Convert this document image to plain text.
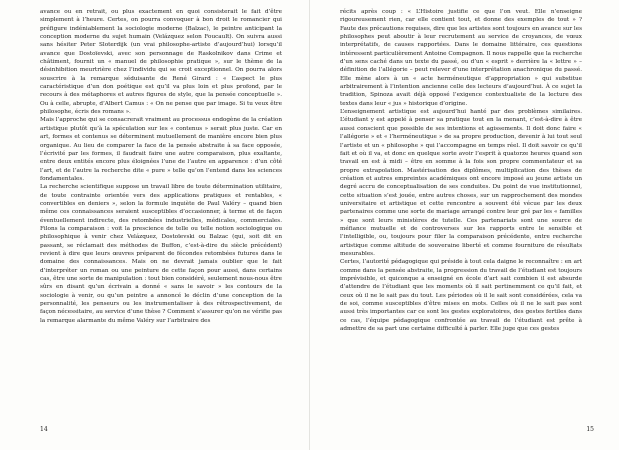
avance ou en retrait, ou plus exactement en quoi consisterait le fait d’être simplement à l’heure. Certes, on pourra convoquer à bon droit le romancier qui préfigure indéniablement la sociologie moderne (Balzac), le peintre anticipant la conception moderne du sujet humain (Velázquez selon Foucault). On suivra aussi sans hésiter Peter Sloterdijk (un vrai philosophe-artiste d’aujourd’hui) lorsqu’il avance que Dostoïevski, avec son personnage de Raskolnikov dans Crime et châtiment, fournit un « manuel de philosophie pratique », sur le thème de la désinhibition meurtrière chez l’individu qui se croit exceptionnel. On pourra alors souscrire à la remarque séduisante de René Girard : « L’aspect le plus caractéristique d’un don poétique est qu’il va plus loin et plus profond, par le recours à des métaphores et autres figures de style, que la pensée conceptuelle ». Ou à celle, abrupte, d’Albert Camus : « On ne pense que par image. Si tu veux être philosophe, écris des romans ».

Mais l’approche qui se consacrerait vraiment au processus endogène de la création artistique plutôt qu’à la spéculation sur les « contenus » serait plus juste. Car en art, formes et contenus se déterminent mutuellement de manière encore bien plus organique. Au lieu de comparer la face de la pensée abstraite à sa face opposée, l’écrivité par les formes, il faudrait faire une autre comparaison, plus exaltante, entre deux entités encore plus éloignées l’une de l’autre en apparence : d’un côté l’art, et de l’autre la recherche dite « pure » telle qu’on l’entend dans les sciences fondamentales.

La recherche scientifique suppose un travail libre de toute détermination utilitaire, de toute contrainte orientée vers des applications pratiques et rentables, « convertibles en deniers », selon la formule inquiète de Paul Valéry – quand bien même ces connaissances seraient susceptibles d’occasionner, à terme et de façon éventuellement indirecte, des retombées industrielles, médicales, commerciales. Filons la comparaison : voit la prescience de telle ou telle notion sociologique ou philosophique à venir chez Velázquez, Dostoïevski ou Balzac (qui, soit dit en passant, se réclamait des méthodes de Buffon, c’est-à-dire du siècle précédent) revient à dire que leurs œuvres préparent de fécondes retombées futures dans le domaine des connaissances. Mais on ne devrait jamais oublier que le fait d’interpréter un roman ou une peinture de cette façon pour aussi, dans certains cas, être une sorte de manipulation : tout bien considéré, seulement nous-nous être sûrs en disant qu’un écrivain a donné « sans le savoir » les contours de la sociologie à venir, ou qu’un peintre a annoncé le déclin d’une conception de la personnalité, les penseurs ou les instrumentaliser à des rétrospectivement, de façon nécessitaire, au service d’une thèse ? Comment s’assurer qu’on ne vérifie pas la remarque alarmante du même Valéry sur l’arbitraire des

14

récits après coup : « L’Histoire justifie ce que l’on veut. Elle n’enseigne rigoureusement rien, car elle contient tout, et donne des exemples de tout » ? Faute des précautions requises, dire que les artistes sont toujours en avance sur les philosophes peut aboutir à leur recrutement au service de croyances, de vœux interprétatifs, de causes rapportées. Dans le domaine littéraire, ces questions intéressent particulièrement Antoine Compagnon. Il nous rappelle que la recherche d’un sens caché dans un texte du passé, ou d’un « esprit » derrière la « lettre » – définition de l’allégorie – peut relever d’une interprétation anachronique du passé. Elle mène alors à un « acte herméneutique d’appropriation » qui substitue arbitrairement à l’intention ancienne celle des lecteurs d’aujourd’hui. À ce sujet la tradition, Spinoza avait déjà opposé l’exigence contextualiste de la lecture des textes dans leur « jus » historique d’origine.

L’enseignement artistique est aujourd’hui hanté par des problèmes similaires. L’étudiant y est appelé à penser sa pratique tout en la menant, c’est-à-dire à être aussi conscient que possible de ses intentions et agissements. Il doit donc faire « l’allégorie » et « l’herméneutique » de sa propre production, devenir à lui tout seul l’artiste et un « philosophe » qui l’accompagne en temps réel. Il doit savoir ce qu’il fait et où il va, et donc en quelque sorte avoir l’esprit à quatorze heures quand son travail en est à midi – être en somme à la fois son propre commentateur et sa propre extrapolation. Mastérisation des diplômes, multiplication des thèses de création et autres empreintes académiques ont encore imposé au jeune artiste un degré accru de conceptualisation de ses conduites. Du point de vue institutionnel, cette situation s’est jouée, entre autres choses, sur un rapprochement des mondes universitaire et artistique et cette rencontre a souvent été vécue par les deux partenaires comme une sorte de mariage arrangé contre leur gré par les « familles » que sont leurs ministères de tutelle. Ces partenariats sont une source de méfiance mutuelle et de controverses sur les rapports entre le sensible et l’intelligible, ou, toujours pour filer la comparaison précédente, entre recherche artistique comme altitude de souveraine liberté et comme fourniture de résultats mesurables.

Certes, l’autorité pédagogique qui préside à tout cela daigne le reconnaître : en art comme dans la pensée abstraite, la progression du travail de l’étudiant est toujours imprévisible, et quiconque a enseigné en école d’art sait combien il est absurde d’attendre de l’étudiant que les moments où il sait pertinemment ce qu’il fait, et ceux où il ne le sait pas du tout. Les périodes où il le sait sont considérées, cela va de soi, comme susceptibles d’être mises en mots. Celles où il ne le sait pas sont aussi très importantes car ce sont les gestes exploratoires, des gestes fertiles dans ce cas, l’équipe pédagogique confrontée au travail de l’étudiant est prête à admettre de sa part une certaine difficulté à parler. Elle juge que ces gestes

15
